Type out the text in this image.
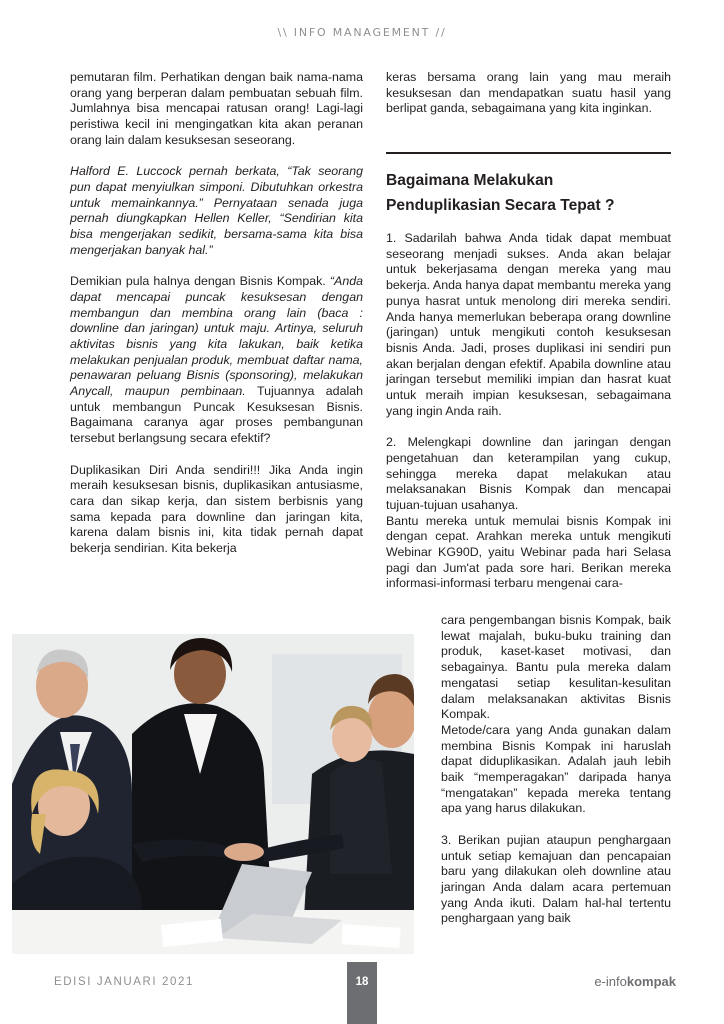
\\ INFO MANAGEMENT //

pemutaran film. Perhatikan dengan baik nama-nama orang yang berperan dalam pembuatan sebuah film. Jumlahnya bisa mencapai ratusan orang! Lagi-lagi peristiwa kecil ini mengingatkan kita akan peranan orang lain dalam kesuksesan seseorang.

Halford E. Luccock pernah berkata, “Tak seorang pun dapat menyiulkan simponi. Dibutuhkan orkestra untuk memainkannya.” Pernyataan senada juga pernah diungkapkan Hellen Keller, “Sendirian kita bisa mengerjakan sedikit, bersama-sama kita bisa mengerjakan banyak hal.”

Demikian pula halnya dengan Bisnis Kompak. “Anda dapat mencapai puncak kesuksesan dengan membangun dan membina orang lain (baca : downline dan jaringan) untuk maju. Artinya, seluruh aktivitas bisnis yang kita lakukan, baik ketika melakukan penjualan produk, membuat daftar nama, penawaran peluang Bisnis (sponsoring), melakukan Anycall, maupun pembinaan. Tujuannya adalah untuk membangun Puncak Kesuksesan Bisnis. Bagaimana caranya agar proses pembangunan tersebut berlangsung secara efektif?

Duplikasikan Diri Anda sendiri!!! Jika Anda ingin meraih kesuksesan bisnis, duplikasikan antusiasme, cara dan sikap kerja, dan sistem berbisnis yang sama kepada para downline dan jaringan kita, karena dalam bisnis ini, kita tidak pernah dapat bekerja sendirian. Kita bekerja

keras bersama orang lain yang mau meraih kesuksesan dan mendapatkan suatu hasil yang berlipat ganda, sebagaimana yang kita inginkan.

Bagaimana Melakukan
Penduplikasian Secara Tepat ?

1. Sadarilah bahwa Anda tidak dapat membuat seseorang menjadi sukses. Anda akan belajar untuk bekerjasama dengan mereka yang mau bekerja. Anda hanya dapat membantu mereka yang punya hasrat untuk menolong diri mereka sendiri. Anda hanya memerlukan beberapa orang downline (jaringan) untuk mengikuti contoh kesuksesan bisnis Anda. Jadi, proses duplikasi ini sendiri pun akan berjalan dengan efektif. Apabila downline atau jaringan tersebut memiliki impian dan hasrat kuat untuk meraih impian kesuksesan, sebagaimana yang ingin Anda raih.

2. Melengkapi downline dan jaringan dengan pengetahuan dan keterampilan yang cukup, sehingga mereka dapat melakukan atau melaksanakan Bisnis Kompak dan mencapai tujuan-tujuan usahanya.

Bantu mereka untuk memulai bisnis Kompak ini dengan cepat. Arahkan mereka untuk mengikuti Webinar KG90D, yaitu Webinar pada hari Selasa pagi dan Jum'at pada sore hari. Berikan mereka informasi-informasi terbaru mengenai cara-

cara pengembangan bisnis Kompak, baik lewat majalah, buku-buku training dan produk, kaset-kaset motivasi, dan sebagainya. Bantu pula mereka dalam mengatasi setiap kesulitan-kesulitan dalam melaksanakan aktivitas Bisnis Kompak.

Metode/cara yang Anda gunakan dalam membina Bisnis Kompak ini haruslah dapat diduplikasikan. Adalah jauh lebih baik “memperagakan” daripada hanya “mengatakan” kepada mereka tentang apa yang harus dilakukan.

3. Berikan pujian ataupun penghargaan untuk setiap kemajuan dan pencapaian baru yang dilakukan oleh downline atau jaringan Anda dalam acara pertemuan yang Anda ikuti. Dalam hal-hal tertentu penghargaan yang baik

EDISI JANUARI 2021	18	e-infokompak
